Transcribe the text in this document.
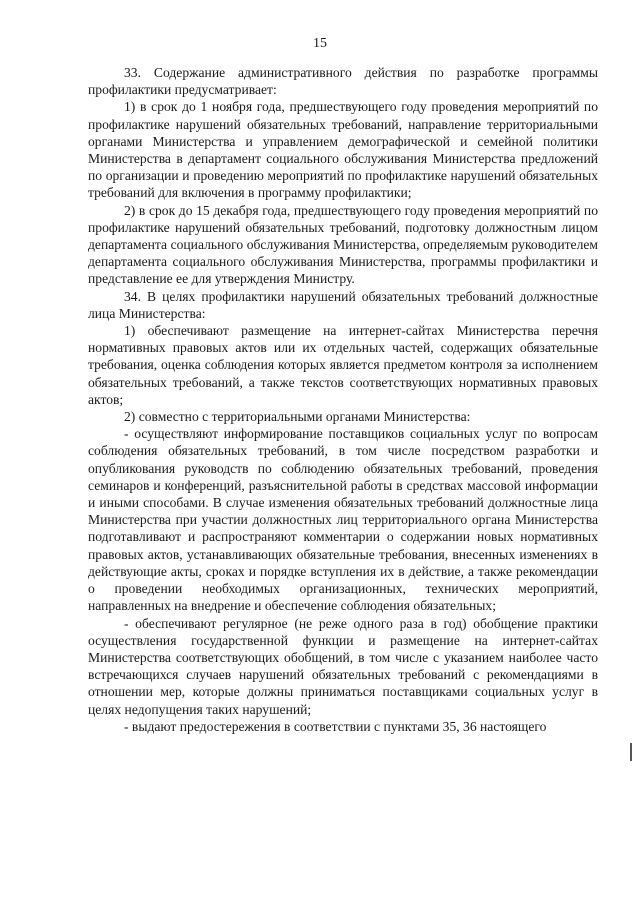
15

33. Содержание административного действия по разработке программы профилактики предусматривает:

1) в срок до 1 ноября года, предшествующего году проведения мероприятий по профилактике нарушений обязательных требований, направление территориальными органами Министерства и управлением демографической и семейной политики Министерства в департамент социального обслуживания Министерства предложений по организации и проведению мероприятий по профилактике нарушений обязательных требований для включения в программу профилактики;

2) в срок до 15 декабря года, предшествующего году проведения мероприятий по профилактике нарушений обязательных требований, подготовку должностным лицом департамента социального обслуживания Министерства, определяемым руководителем департамента социального обслуживания Министерства, программы профилактики и представление ее для утверждения Министру.

34. В целях профилактики нарушений обязательных требований должностные лица Министерства:

1) обеспечивают размещение на интернет-сайтах Министерства перечня нормативных правовых актов или их отдельных частей, содержащих обязательные требования, оценка соблюдения которых является предметом контроля за исполнением обязательных требований, а также текстов соответствующих нормативных правовых актов;

2) совместно с территориальными органами Министерства:

- осуществляют информирование поставщиков социальных услуг по вопросам соблюдения обязательных требований, в том числе посредством разработки и опубликования руководств по соблюдению обязательных требований, проведения семинаров и конференций, разъяснительной работы в средствах массовой информации и иными способами. В случае изменения обязательных требований должностные лица Министерства при участии должностных лиц территориального органа Министерства подготавливают и распространяют комментарии о содержании новых нормативных правовых актов, устанавливающих обязательные требования, внесенных изменениях в действующие акты, сроках и порядке вступления их в действие, а также рекомендации о проведении необходимых организационных, технических мероприятий, направленных на внедрение и обеспечение соблюдения обязательных;

- обеспечивают регулярное (не реже одного раза в год) обобщение практики осуществления государственной функции и размещение на интернет-сайтах Министерства соответствующих обобщений, в том числе с указанием наиболее часто встречающихся случаев нарушений обязательных требований с рекомендациями в отношении мер, которые должны приниматься поставщиками социальных услуг в целях недопущения таких нарушений;

- выдают предостережения в соответствии с пунктами 35, 36 настоящего
